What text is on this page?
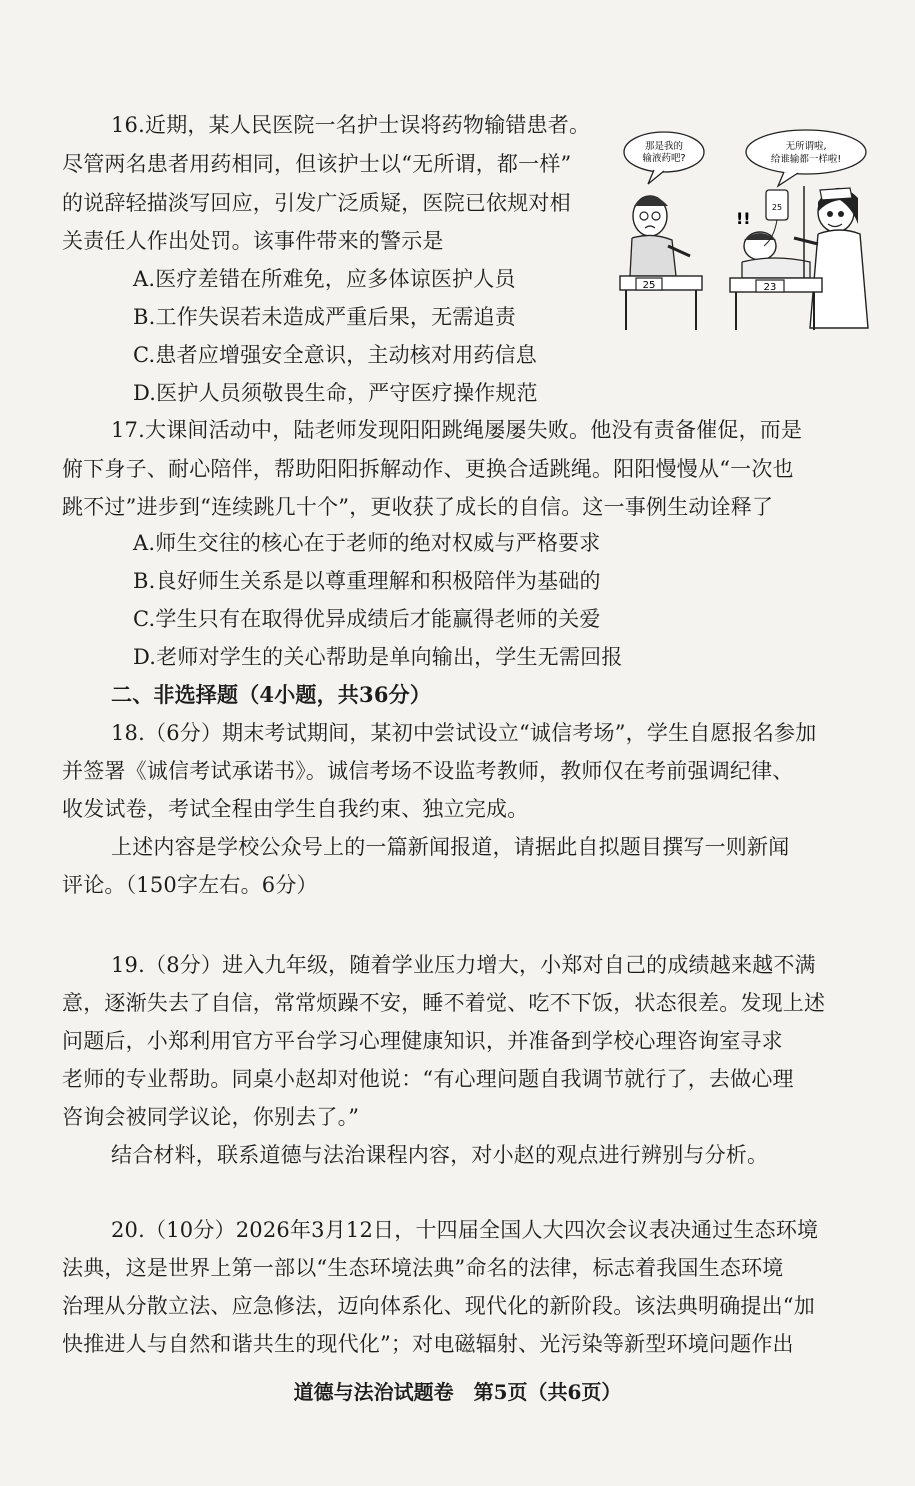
16.近期，某人民医院一名护士误将药物输错患者。
尽管两名患者用药相同，但该护士以“无所谓，都一样”
的说辞轻描淡写回应，引发广泛质疑，医院已依规对相
关责任人作出处罚。该事件带来的警示是
A.医疗差错在所难免，应多体谅医护人员
B.工作失误若未造成严重后果，无需追责
C.患者应增强安全意识，主动核对用药信息
D.医护人员须敬畏生命，严守医疗操作规范
那是我的
输液药吧?
无所谓啦,
给谁输都一样啦!
25
!!
25
23
17.大课间活动中，陆老师发现阳阳跳绳屡屡失败。他没有责备催促，而是
俯下身子、耐心陪伴，帮助阳阳拆解动作、更换合适跳绳。阳阳慢慢从“一次也
跳不过”进步到“连续跳几十个”，更收获了成长的自信。这一事例生动诠释了
A.师生交往的核心在于老师的绝对权威与严格要求
B.良好师生关系是以尊重理解和积极陪伴为基础的
C.学生只有在取得优异成绩后才能赢得老师的关爱
D.老师对学生的关心帮助是单向输出，学生无需回报
二、非选择题（4小题，共36分）
18.（6分）期末考试期间，某初中尝试设立“诚信考场”，学生自愿报名参加
并签署《诚信考试承诺书》。诚信考场不设监考教师，教师仅在考前强调纪律、
收发试卷，考试全程由学生自我约束、独立完成。
上述内容是学校公众号上的一篇新闻报道，请据此自拟题目撰写一则新闻
评论。（150字左右。6分）
19.（8分）进入九年级，随着学业压力增大，小郑对自己的成绩越来越不满
意，逐渐失去了自信，常常烦躁不安，睡不着觉、吃不下饭，状态很差。发现上述
问题后，小郑利用官方平台学习心理健康知识，并准备到学校心理咨询室寻求
老师的专业帮助。同桌小赵却对他说：“有心理问题自我调节就行了，去做心理
咨询会被同学议论，你别去了。”
结合材料，联系道德与法治课程内容，对小赵的观点进行辨别与分析。
20.（10分）2026年3月12日，十四届全国人大四次会议表决通过生态环境
法典，这是世界上第一部以“生态环境法典”命名的法律，标志着我国生态环境
治理从分散立法、应急修法，迈向体系化、现代化的新阶段。该法典明确提出“加
快推进人与自然和谐共生的现代化”；对电磁辐射、光污染等新型环境问题作出
道德与法治试题卷　第5页（共6页）
